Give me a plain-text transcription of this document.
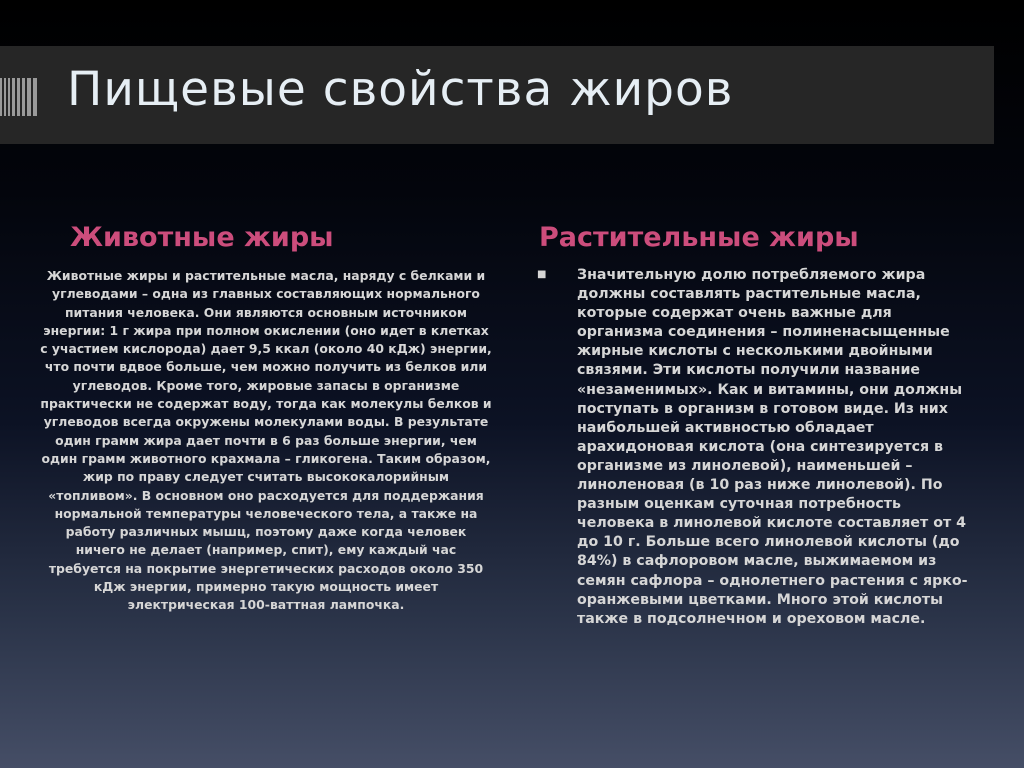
Пищевые свойства жиров
Животные жиры

Животные жиры и растительные масла, наряду с белками и углеводами – одна из главных составляющих нормального питания человека. Они являются основным источником энергии: 1 г жира при полном окислении (оно идет в клетках с участием кислорода) дает 9,5 ккал (около 40 кДж) энергии, что почти вдвое больше, чем можно получить из белков или углеводов. Кроме того, жировые запасы в организме практически не содержат воду, тогда как молекулы белков и углеводов всегда окружены молекулами воды. В результате один грамм жира дает почти в 6 раз больше энергии, чем один грамм животного крахмала – гликогена. Таким образом, жир по праву следует считать высококалорийным «топливом». В основном оно расходуется для поддержания нормальной температуры человеческого тела, а также на работу различных мышц, поэтому даже когда человек ничего не делает (например, спит), ему каждый час требуется на покрытие энергетических расходов около 350 кДж энергии, примерно такую мощность имеет электрическая 100-ваттная лампочка.

Растительные жиры
■ Значительную долю потребляемого жира должны составлять растительные масла, которые содержат очень важные для организма соединения – полиненасыщенные жирные кислоты с несколькими двойными связями. Эти кислоты получили название «незаменимых». Как и витамины, они должны поступать в организм в готовом виде. Из них наибольшей активностью обладает арахидоновая кислота (она синтезируется в организме из линолевой), наименьшей – линоленовая (в 10 раз ниже линолевой). По разным оценкам суточная потребность человека в линолевой кислоте составляет от 4 до 10 г. Больше всего линолевой кислоты (до 84%) в сафлоровом масле, выжимаемом из семян сафлора – однолетнего растения с ярко-оранжевыми цветками. Много этой кислоты также в подсолнечном и ореховом масле.
